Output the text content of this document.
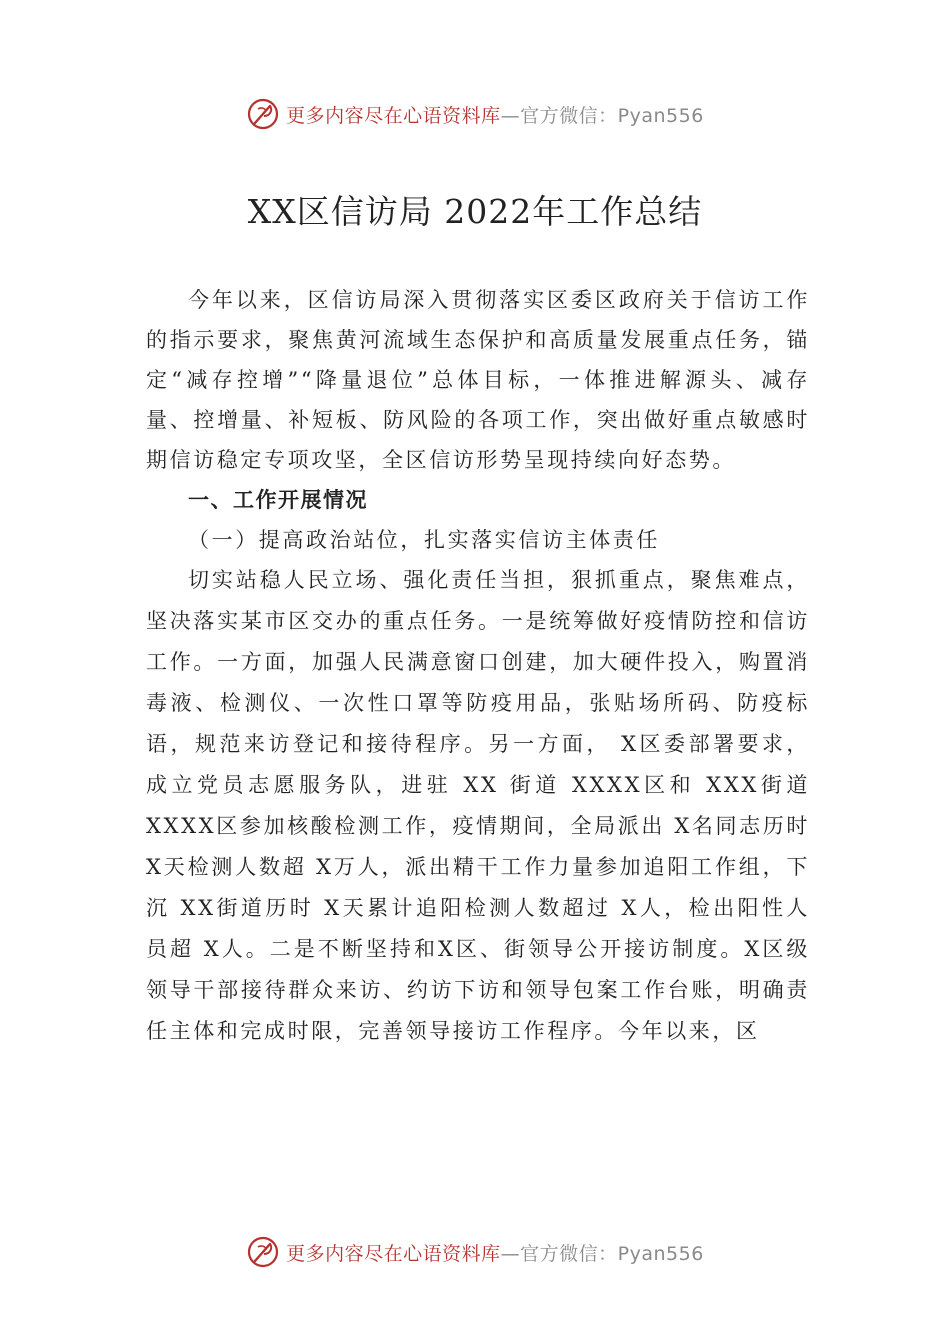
更多内容尽在心语资料库—官方微信：Pyan556
XX区信访局 2022年工作总结

今年以来，区信访局深入贯彻落实区委区政府关于信访工作的指示要求，聚焦黄河流域生态保护和高质量发展重点任务，锚定“减存控增”“降量退位”总体目标，一体推进解源头、减存量、控增量、补短板、防风险的各项工作，突出做好重点敏感时期信访稳定专项攻坚，全区信访形势呈现持续向好态势。

一、工作开展情况

（一）提高政治站位，扎实落实信访主体责任

切实站稳人民立场、强化责任当担，狠抓重点，聚焦难点，坚决落实某市区交办的重点任务。一是统筹做好疫情防控和信访工作。一方面，加强人民满意窗口创建，加大硬件投入，购置消毒液、检测仪、一次性口罩等防疫用品，张贴场所码、防疫标语，规范来访登记和接待程序。另一方面， X区委部署要求，成立党员志愿服务队，进驻 XX 街道 XXXX区和 XXX街道 XXXX区参加核酸检测工作，疫情期间，全局派出 X名同志历时 X天检测人数超 X万人，派出精干工作力量参加追阳工作组，下沉 XX街道历时 X天累计追阳检测人数超过 X人，检出阳性人员超 X人。二是不断坚持和X区、街领导公开接访制度。X区级领导干部接待群众来访、约访下访和领导包案工作台账，明确责任主体和完成时限，完善领导接访工作程序。今年以来，区

更多内容尽在心语资料库—官方微信：Pyan556
